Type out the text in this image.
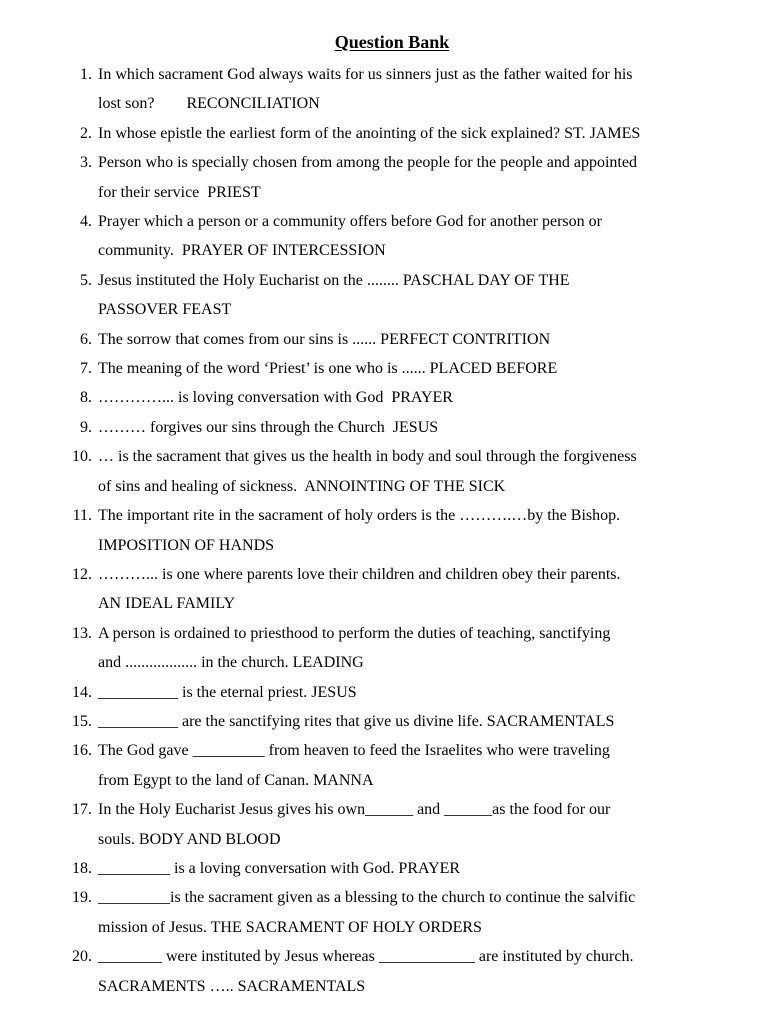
Question Bank
1. In which sacrament God always waits for us sinners just as the father waited for his
lost son?        RECONCILIATION
2. In whose epistle the earliest form of the anointing of the sick explained? ST. JAMES
3. Person who is specially chosen from among the people for the people and appointed
for their service  PRIEST
4. Prayer which a person or a community offers before God for another person or
community.  PRAYER OF INTERCESSION
5. Jesus instituted the Holy Eucharist on the ........ PASCHAL DAY OF THE
PASSOVER FEAST
6. The sorrow that comes from our sins is ...... PERFECT CONTRITION
7. The meaning of the word ‘Priest’ is one who is ...... PLACED BEFORE
8. …………... is loving conversation with God  PRAYER
9. ……… forgives our sins through the Church  JESUS
10. … is the sacrament that gives us the health in body and soul through the forgiveness
of sins and healing of sickness.  ANNOINTING OF THE SICK
11. The important rite in the sacrament of holy orders is the ……….…by the Bishop.
IMPOSITION OF HANDS
12. ………... is one where parents love their children and children obey their parents.
AN IDEAL FAMILY
13. A person is ordained to priesthood to perform the duties of teaching, sanctifying
and .................. in the church. LEADING
14. __________ is the eternal priest. JESUS
15. __________ are the sanctifying rites that give us divine life. SACRAMENTALS
16. The God gave _________ from heaven to feed the Israelites who were traveling
from Egypt to the land of Canan. MANNA
17. In the Holy Eucharist Jesus gives his own______ and ______as the food for our
souls. BODY AND BLOOD
18. _________ is a loving conversation with God. PRAYER
19. _________is the sacrament given as a blessing to the church to continue the salvific
mission of Jesus. THE SACRAMENT OF HOLY ORDERS
20. ________ were instituted by Jesus whereas ____________ are instituted by church.
SACRAMENTS ….. SACRAMENTALS
